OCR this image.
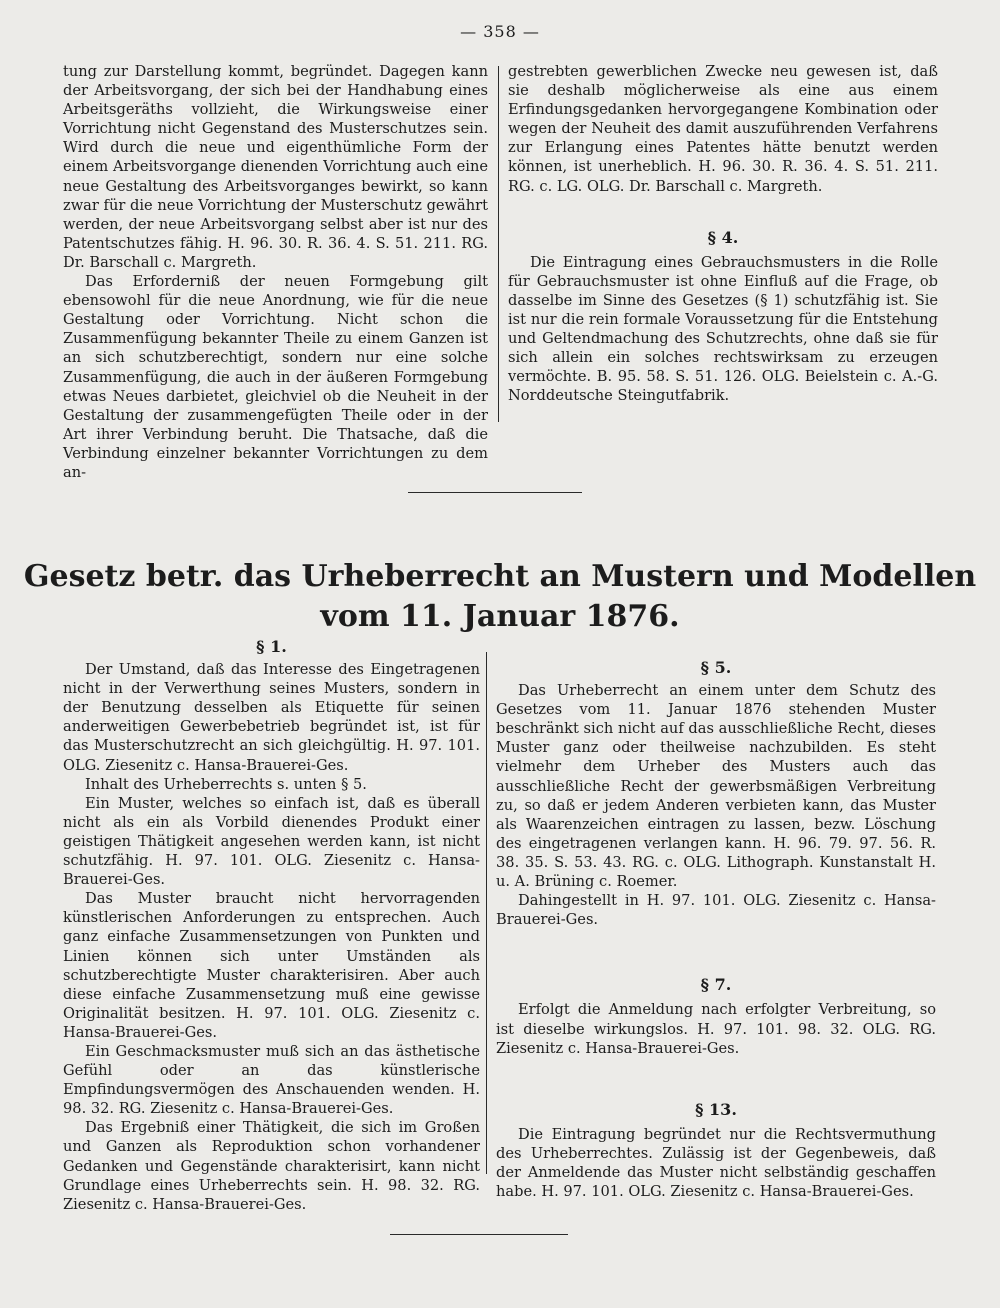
— 358 —

tung zur Darstellung kommt, begründet. Dagegen kann der Arbeitsvorgang, der sich bei der Handhabung eines Arbeitsgeräths vollzieht, die Wirkungsweise einer Vorrichtung nicht Gegenstand des Musterschutzes sein. Wird durch die neue und eigenthümliche Form der einem Arbeitsvorgange dienenden Vorrichtung auch eine neue Gestaltung des Arbeitsvorganges bewirkt, so kann zwar für die neue Vorrichtung der Musterschutz gewährt werden, der neue Arbeitsvorgang selbst aber ist nur des Patentschutzes fähig. H. 96. 30. R. 36. 4. S. 51. 211. RG. Dr. Barschall c. Margreth.

Das Erforderniß der neuen Formgebung gilt ebensowohl für die neue Anordnung, wie für die neue Gestaltung oder Vorrichtung. Nicht schon die Zusammenfügung bekannter Theile zu einem Ganzen ist an sich schutzberechtigt, sondern nur eine solche Zusammenfügung, die auch in der äußeren Formgebung etwas Neues darbietet, gleichviel ob die Neuheit in der Gestaltung der zusammengefügten Theile oder in der Art ihrer Verbindung beruht. Die Thatsache, daß die Verbindung einzelner bekannter Vorrichtungen zu dem an-

gestrebten gewerblichen Zwecke neu gewesen ist, daß sie deshalb möglicherweise als eine aus einem Erfindungsgedanken hervorgegangene Kombination oder wegen der Neuheit des damit auszuführenden Verfahrens zur Erlangung eines Patentes hätte benutzt werden können, ist unerheblich. H. 96. 30. R. 36. 4. S. 51. 211. RG. c. LG. OLG. Dr. Barschall c. Margreth.

§ 4.

Die Eintragung eines Gebrauchsmusters in die Rolle für Gebrauchsmuster ist ohne Einfluß auf die Frage, ob dasselbe im Sinne des Gesetzes (§ 1) schutzfähig ist. Sie ist nur die rein formale Voraussetzung für die Entstehung und Geltendmachung des Schutzrechts, ohne daß sie für sich allein ein solches rechtswirksam zu erzeugen vermöchte. B. 95. 58. S. 51. 126. OLG. Beielstein c. A.-G. Norddeutsche Steingutfabrik.

Gesetz betr. das Urheberrecht an Mustern und Modellen
vom 11. Januar 1876.

§ 1.

Der Umstand, daß das Interesse des Eingetragenen nicht in der Verwerthung seines Musters, sondern in der Benutzung desselben als Etiquette für seinen anderweitigen Gewerbebetrieb begründet ist, ist für das Musterschutzrecht an sich gleichgültig. H. 97. 101. OLG. Ziesenitz c. Hansa-Brauerei-Ges.

Inhalt des Urheberrechts s. unten § 5.

Ein Muster, welches so einfach ist, daß es überall nicht als ein als Vorbild dienendes Produkt einer geistigen Thätigkeit angesehen werden kann, ist nicht schutzfähig. H. 97. 101. OLG. Ziesenitz c. Hansa-Brauerei-Ges.

Das Muster braucht nicht hervorragenden künstlerischen Anforderungen zu entsprechen. Auch ganz einfache Zusammensetzungen von Punkten und Linien können sich unter Umständen als schutzberechtigte Muster charakterisiren. Aber auch diese einfache Zusammensetzung muß eine gewisse Originalität besitzen. H. 97. 101. OLG. Ziesenitz c. Hansa-Brauerei-Ges.

Ein Geschmacksmuster muß sich an das ästhetische Gefühl oder an das künstlerische Empfindungsvermögen des Anschauenden wenden. H. 98. 32. RG. Ziesenitz c. Hansa-Brauerei-Ges.

Das Ergebniß einer Thätigkeit, die sich im Großen und Ganzen als Reproduktion schon vorhandener Gedanken und Gegenstände charakterisirt, kann nicht Grundlage eines Urheberrechts sein. H. 98. 32. RG. Ziesenitz c. Hansa-Brauerei-Ges.

§ 5.

Das Urheberrecht an einem unter dem Schutz des Gesetzes vom 11. Januar 1876 stehenden Muster beschränkt sich nicht auf das ausschließliche Recht, dieses Muster ganz oder theilweise nachzubilden. Es steht vielmehr dem Urheber des Musters auch das ausschließliche Recht der gewerbsmäßigen Verbreitung zu, so daß er jedem Anderen verbieten kann, das Muster als Waarenzeichen eintragen zu lassen, bezw. Löschung des eingetragenen verlangen kann. H. 96. 79. 97. 56. R. 38. 35. S. 53. 43. RG. c. OLG. Lithograph. Kunstanstalt H. u. A. Brüning c. Roemer.

Dahingestellt in H. 97. 101. OLG. Ziesenitz c. Hansa-Brauerei-Ges.

§ 7.

Erfolgt die Anmeldung nach erfolgter Verbreitung, so ist dieselbe wirkungslos. H. 97. 101. 98. 32. OLG. RG. Ziesenitz c. Hansa-Brauerei-Ges.

§ 13.

Die Eintragung begründet nur die Rechtsvermuthung des Urheberrechtes. Zulässig ist der Gegenbeweis, daß der Anmeldende das Muster nicht selbständig geschaffen habe. H. 97. 101. OLG. Ziesenitz c. Hansa-Brauerei-Ges.
